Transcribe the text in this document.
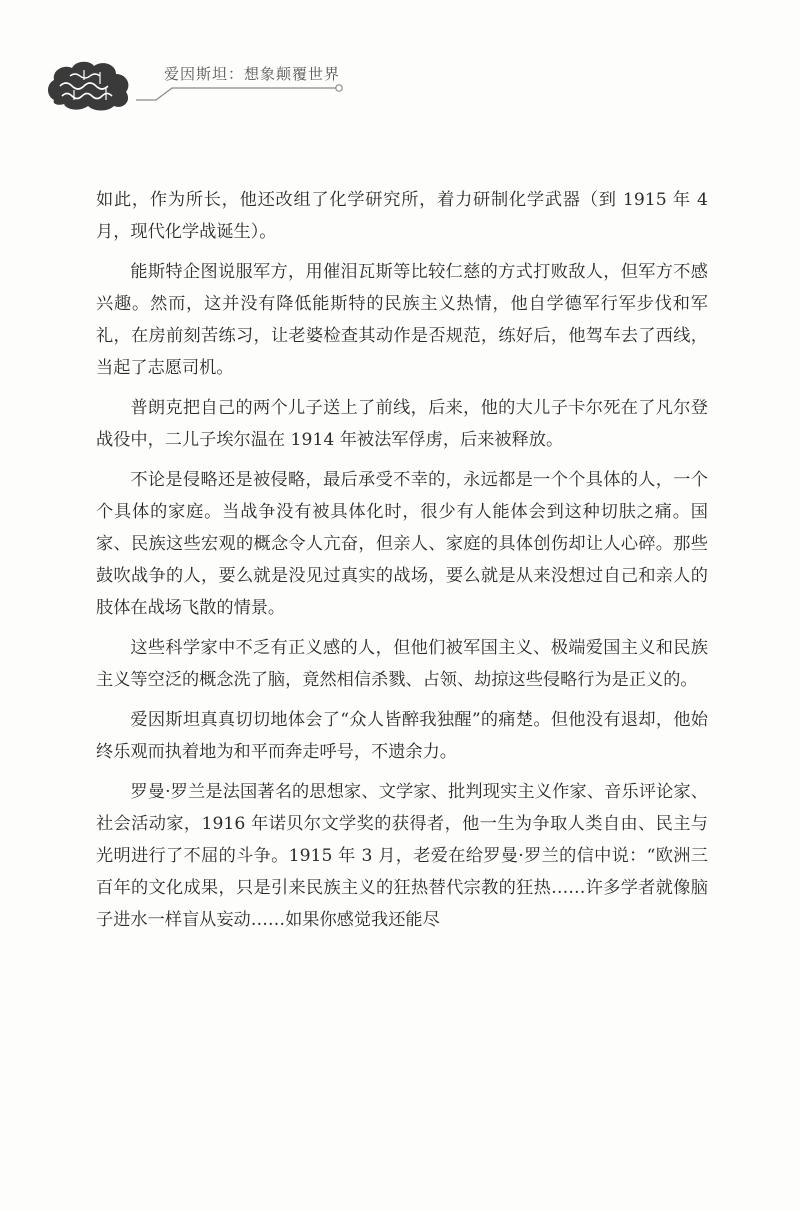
爱因斯坦：想象颠覆世界

如此，作为所长，他还改组了化学研究所，着力研制化学武器（到 1915 年 4 月，现代化学战诞生）。

能斯特企图说服军方，用催泪瓦斯等比较仁慈的方式打败敌人，但军方不感兴趣。然而，这并没有降低能斯特的民族主义热情，他自学德军行军步伐和军礼，在房前刻苦练习，让老婆检查其动作是否规范，练好后，他驾车去了西线，当起了志愿司机。

普朗克把自己的两个儿子送上了前线，后来，他的大儿子卡尔死在了凡尔登战役中，二儿子埃尔温在 1914 年被法军俘虏，后来被释放。

不论是侵略还是被侵略，最后承受不幸的，永远都是一个个具体的人，一个个具体的家庭。当战争没有被具体化时，很少有人能体会到这种切肤之痛。国家、民族这些宏观的概念令人亢奋，但亲人、家庭的具体创伤却让人心碎。那些鼓吹战争的人，要么就是没见过真实的战场，要么就是从来没想过自己和亲人的肢体在战场飞散的情景。

这些科学家中不乏有正义感的人，但他们被军国主义、极端爱国主义和民族主义等空泛的概念洗了脑，竟然相信杀戮、占领、劫掠这些侵略行为是正义的。

爱因斯坦真真切切地体会了“众人皆醉我独醒”的痛楚。但他没有退却，他始终乐观而执着地为和平而奔走呼号，不遗余力。

罗曼·罗兰是法国著名的思想家、文学家、批判现实主义作家、音乐评论家、社会活动家，1916 年诺贝尔文学奖的获得者，他一生为争取人类自由、民主与光明进行了不屈的斗争。1915 年 3 月，老爱在给罗曼·罗兰的信中说：“欧洲三百年的文化成果，只是引来民族主义的狂热替代宗教的狂热……许多学者就像脑子进水一样盲从妄动……如果你感觉我还能尽
